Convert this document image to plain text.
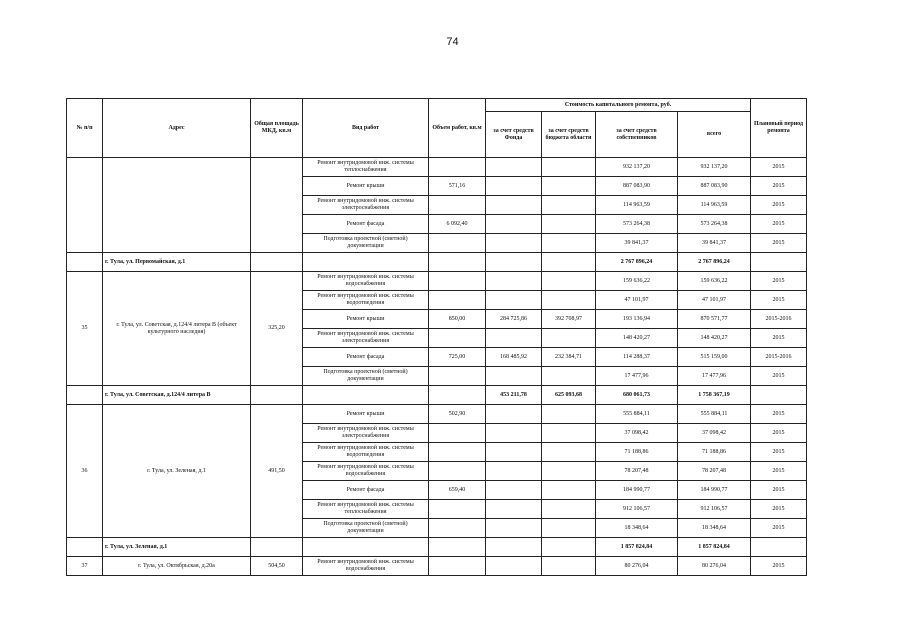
74
№ п/п	Адрес	Общая площадь МКД, кв.м	Вид работ	Объем работ, кв.м	Стоимость капитального ремонта, руб.				Плановый период ремонта
					за счет средств Фонда	за счет средств бюджета области	за счет средств собственников	всего	
			Ремонт внутридомовой инж. системы теплоснабжения				932 137,20	932 137,20	2015
			Ремонт крыши	571,16			887 083,90	887 083,90	2015
			Ремонт внутридомовой инж. системы электроснабжения				114 963,59	114 963,59	2015
			Ремонт фасада	6 092,40			573 264,38	573 264,38	2015
			Подготовка проектной (сметной) документации				39 841,37	39 841,37	2015
	г. Тула, ул. Первомайская, д.1						2 767 896,24	2 767 896,24	
35	г. Тула, ул. Советская, д.124/4 литера В (объект культурного наследия)	325,20	Ремонт внутридомовой инж. системы водоснабжения				159 636,22	159 636,22	2015
			Ремонт внутридомовой инж. системы водоотведения				47 101,97	47 101,97	2015
			Ремонт крыши	850,00	284 725,86	392 708,97	193 136,94	870 571,77	2015-2016
			Ремонт внутридомовой инж. системы электроснабжения				148 420,27	148 420,27	2015
			Ремонт фасада	725,00	168 485,92	232 384,71	114 288,37	515 159,00	2015-2016
			Подготовка проектной (сметной) документации				17 477,96	17 477,96	2015
	г. Тула, ул. Советская, д.124/4 литера В				453 211,78	625 093,68	680 061,73	1 758 367,19	
36	г. Тула, ул. Зеленая, д.1	491,50	Ремонт крыши	502,90			555 884,11	555 884,11	2015
			Ремонт внутридомовой инж. системы электроснабжения				37 098,42	37 098,42	2015
			Ремонт внутридомовой инж. системы водоотведения				71 188,86	71 188,86	2015
			Ремонт внутридомовой инж. системы водоснабжения				78 207,48	78 207,48	2015
			Ремонт фасада	659,40			184 990,77	184 990,77	2015
			Ремонт внутридомовой инж. системы теплоснабжения				912 106,57	912 106,57	2015
			Подготовка проектной (сметной) документации				18 348,64	18 348,64	2015
	г. Тула, ул. Зеленая, д.1						1 857 824,84	1 857 824,84	
37	г. Тула, ул. Октябрьская, д.20а	504,50	Ремонт внутридомовой инж. системы водоснабжения				80 276,04	80 276,04	2015
